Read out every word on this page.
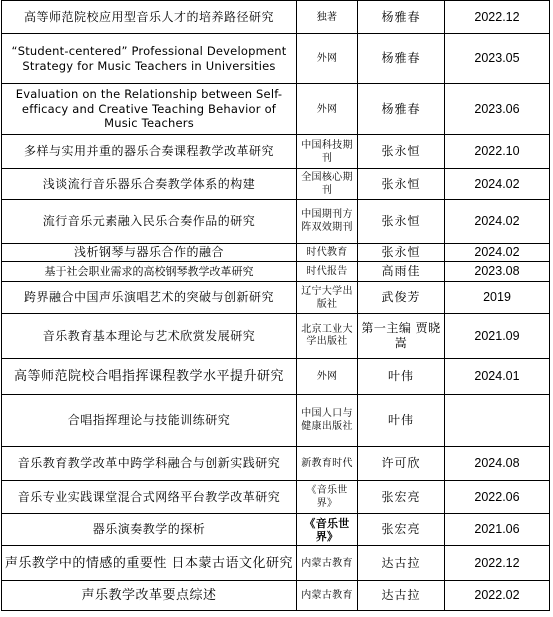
高等师范院校应用型音乐人才的培养路径研究	独著	杨雅春	2022.12
“Student-centered” Professional Development Strategy for Music Teachers in Universities	外网	杨雅春	2023.05
Evaluation on the Relationship between Self-efficacy and Creative Teaching Behavior of Music Teachers	外网	杨雅春	2023.06
多样与实用并重的器乐合奏课程教学改革研究	中国科技期刊	张永恒	2022.10
浅谈流行音乐器乐合奏教学体系的构建	全国核心期刊	张永恒	2024.02
流行音乐元素融入民乐合奏作品的研究	中国期刊方阵双效期刊	张永恒	2024.02
浅析钢琴与器乐合作的融合	时代教育	张永恒	2024.02
基于社会职业需求的高校钢琴教学改革研究	时代报告	高雨佳	2023.08
跨界融合中国声乐演唱艺术的突破与创新研究	辽宁大学出版社	武俊芳	2019
音乐教育基本理论与艺术欣赏发展研究	北京工业大学出版社	第一主编 贾晓嵩	2021.09
高等师范院校合唱指挥课程教学水平提升研究	外网	叶伟	2024.01
合唱指挥理论与技能训练研究	中国人口与健康出版社	叶伟	
音乐教育教学改革中跨学科融合与创新实践研究	新教育时代	许可欣	2024.08
音乐专业实践课堂混合式网络平台教学改革研究	《音乐世界》	张宏亮	2022.06
器乐演奏教学的探析	《音乐世界》	张宏亮	2021.06
声乐教学中的情感的重要性 日本蒙古语文化研究	内蒙古教育	达古拉	2022.12
声乐教学改革要点综述	内蒙古教育	达古拉	2022.02
